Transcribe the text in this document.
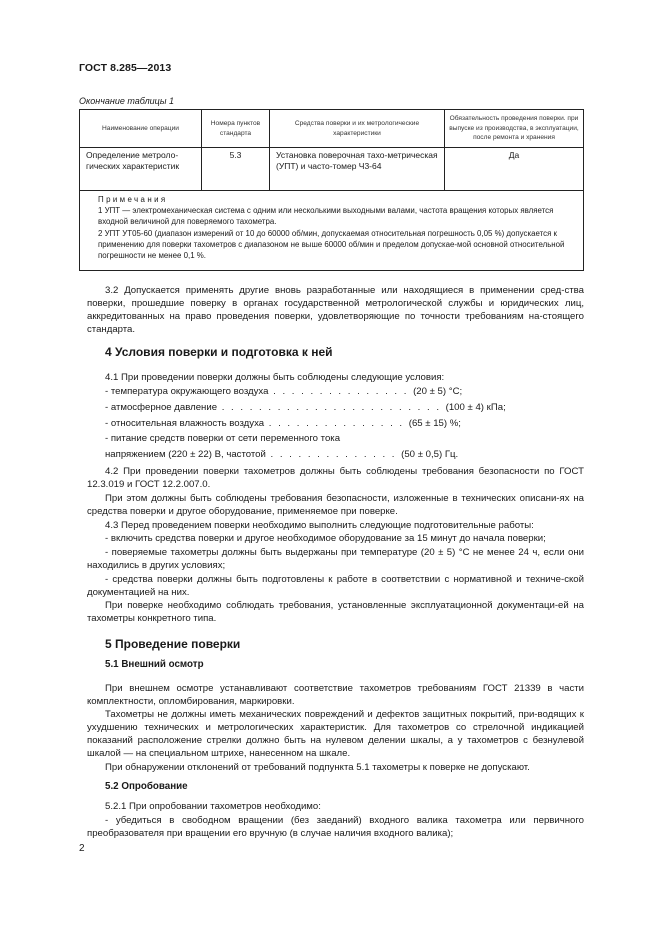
ГОСТ 8.285—2013
Окончание таблицы 1
Наименование операции	Номера пунктов стандарта	Средства поверки и их метрологические характеристики	Обязательность проведения поверки. при выпуске из производства, в эксплуатации, после ремонта и хранения
Определение метроло-гических характеристик	5.3	Установка поверочная тахо-метрическая (УПТ) и часто-томер Ч3-64	Да

Примечания
1 УПТ — электромеханическая система с одним или несколькими выходными валами, частота вращения которых является входной величиной для поверяемого тахометра.
2 УПТ УТ05-60 (диапазон измерений от 10 до 60000 об/мин, допускаемая относительная погрешность 0,05 %) допускается к применению для поверки тахометров с диапазоном не выше 60000 об/мин и пределом допускае-мой основной относительной погрешности не менее 0,1 %.			
3.2 Допускается применять другие вновь разработанные или находящиеся в применении сред-ства поверки, прошедшие поверку в органах государственной метрологической службы и юридических лиц, аккредитованных на право проведения поверки, удовлетворяющие по точности требованиям на-стоящего стандарта.
4 Условия поверки и подготовка к ней
4.1 При проведении поверки должны быть соблюдены следующие условия:
- температура окружающего воздуха . . . . . . . . . . . . . . . (20 ± 5) °С;
- атмосферное давление . . . . . . . . . . . . . . . . . . . . . . . . (100 ± 4) кПа;
- относительная влажность воздуха . . . . . . . . . . . . . . . (65 ± 15) %;
- питание средств поверки от сети переменного тока
напряжением (220 ± 22) В, частотой . . . . . . . . . . . . . . (50 ± 0,5) Гц.
4.2 При проведении поверки тахометров должны быть соблюдены требования безопасности по ГОСТ 12.3.019 и ГОСТ 12.2.007.0.
При этом должны быть соблюдены требования безопасности, изложенные в технических описани-ях на средства поверки и другое оборудование, применяемое при поверке.
4.3 Перед проведением поверки необходимо выполнить следующие подготовительные работы:
- включить средства поверки и другое необходимое оборудование за 15 минут до начала поверки;
- поверяемые тахометры должны быть выдержаны при температуре (20 ± 5) °С не менее 24 ч, если они находились в других условиях;
- средства поверки должны быть подготовлены к работе в соответствии с нормативной и техниче-ской документацией на них.
При поверке необходимо соблюдать требования, установленные эксплуатационной документаци-ей на тахометры конкретного типа.
5 Проведение поверки
5.1 Внешний осмотр
При внешнем осмотре устанавливают соответствие тахометров требованиям ГОСТ 21339 в части комплектности, опломбирования, маркировки.
Тахометры не должны иметь механических повреждений и дефектов защитных покрытий, при-водящих к ухудшению технических и метрологических характеристик. Для тахометров со стрелочной индикацией показаний расположение стрелки должно быть на нулевом делении шкалы, а у тахометров с безнулевой шкалой — на специальном штрихе, нанесенном на шкале.
При обнаружении отклонений от требований подпункта 5.1 тахометры к поверке не допускают.
5.2 Опробование
5.2.1 При опробовании тахометров необходимо:
- убедиться в свободном вращении (без заеданий) входного валика тахометра или первичного преобразователя при вращении его вручную (в случае наличия входного валика);
2
